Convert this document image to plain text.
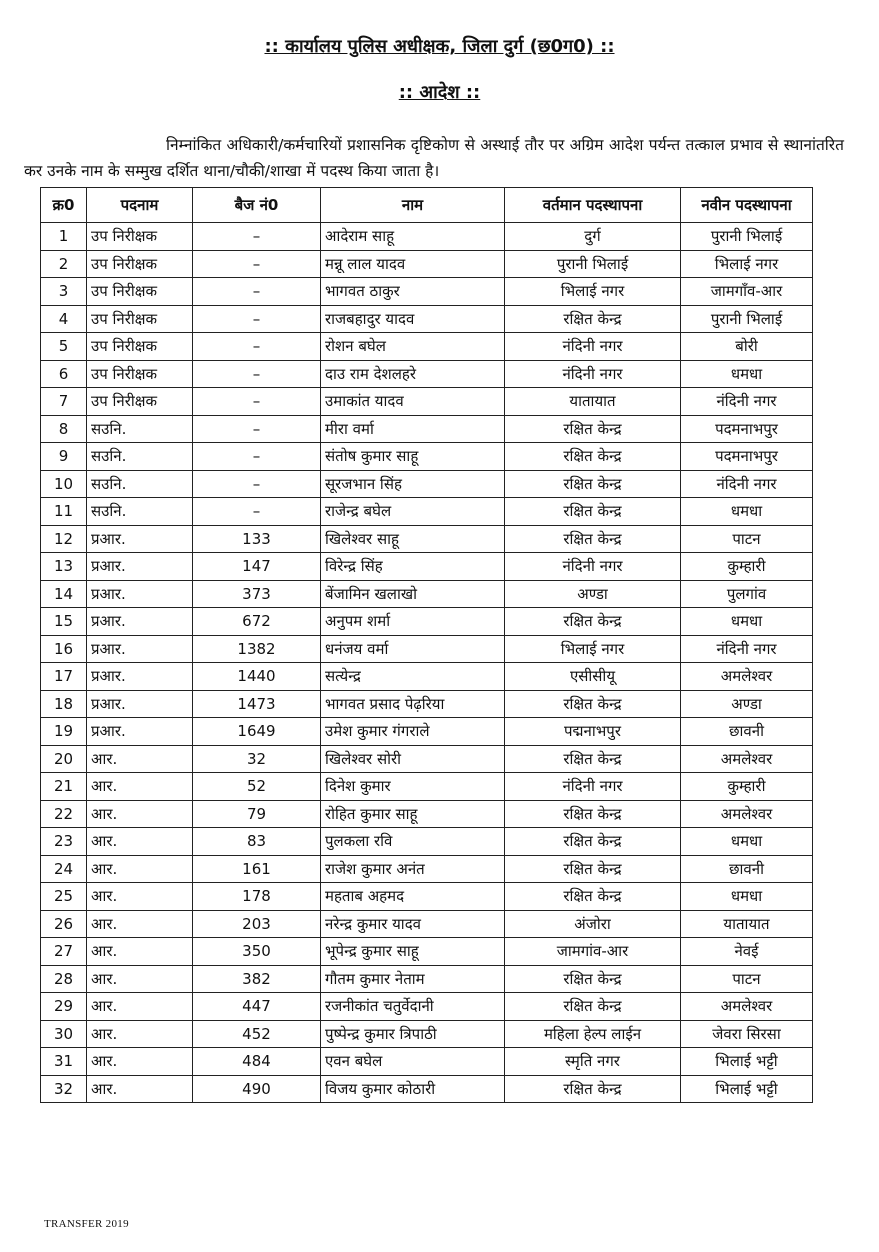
:: कार्यालय पुलिस अधीक्षक, जिला दुर्ग (छ0ग0) ::
:: आदेश ::
निम्नांकित अधिकारी/कर्मचारियों प्रशासनिक दृष्टिकोण से अस्थाई तौर पर अग्रिम आदेश पर्यन्त तत्काल प्रभाव से स्थानांतरित कर उनके नाम के सम्मुख दर्शित थाना/चौकी/शाखा में पदस्थ किया जाता है।
क्र0	पदनाम	बैज नं0	नाम	वर्तमान पदस्थापना	नवीन पदस्थापना
1	उप निरीक्षक	–	आदेराम साहू	दुर्ग	पुरानी भिलाई
2	उप निरीक्षक	–	मन्नू लाल यादव	पुरानी भिलाई	भिलाई नगर
3	उप निरीक्षक	–	भागवत ठाकुर	भिलाई नगर	जामगाँव-आर
4	उप निरीक्षक	–	राजबहादुर यादव	रक्षित केन्द्र	पुरानी भिलाई
5	उप निरीक्षक	–	रोशन बघेल	नंदिनी नगर	बोरी
6	उप निरीक्षक	–	दाउ राम देशलहरे	नंदिनी नगर	धमधा
7	उप निरीक्षक	–	उमाकांत यादव	यातायात	नंदिनी नगर
8	सउनि.	–	मीरा वर्मा	रक्षित केन्द्र	पदमनाभपुर
9	सउनि.	–	संतोष कुमार साहू	रक्षित केन्द्र	पदमनाभपुर
10	सउनि.	–	सूरजभान सिंह	रक्षित केन्द्र	नंदिनी नगर
11	सउनि.	–	राजेन्द्र बघेल	रक्षित केन्द्र	धमधा
12	प्रआर.	133	खिलेश्वर साहू	रक्षित केन्द्र	पाटन
13	प्रआर.	147	विरेन्द्र सिंह	नंदिनी नगर	कुम्हारी
14	प्रआर.	373	बेंजामिन खलाखो	अण्डा	पुलगांव
15	प्रआर.	672	अनुपम शर्मा	रक्षित केन्द्र	धमधा
16	प्रआर.	1382	धनंजय वर्मा	भिलाई नगर	नंदिनी नगर
17	प्रआर.	1440	सत्येन्द्र	एसीसीयू	अमलेश्वर
18	प्रआर.	1473	भागवत प्रसाद पेढ़रिया	रक्षित केन्द्र	अण्डा
19	प्रआर.	1649	उमेश कुमार गंगराले	पद्मनाभपुर	छावनी
20	आर.	32	खिलेश्वर सोरी	रक्षित केन्द्र	अमलेश्वर
21	आर.	52	दिनेश कुमार	नंदिनी नगर	कुम्हारी
22	आर.	79	रोहित कुमार साहू	रक्षित केन्द्र	अमलेश्वर
23	आर.	83	पुलकला रवि	रक्षित केन्द्र	धमधा
24	आर.	161	राजेश कुमार अनंत	रक्षित केन्द्र	छावनी
25	आर.	178	महताब अहमद	रक्षित केन्द्र	धमधा
26	आर.	203	नरेन्द्र कुमार यादव	अंजोरा	यातायात
27	आर.	350	भूपेन्द्र कुमार साहू	जामगांव-आर	नेवई
28	आर.	382	गौतम कुमार नेताम	रक्षित केन्द्र	पाटन
29	आर.	447	रजनीकांत चतुर्वेदानी	रक्षित केन्द्र	अमलेश्वर
30	आर.	452	पुष्पेन्द्र कुमार त्रिपाठी	महिला हेल्प लाईन	जेवरा सिरसा
31	आर.	484	एवन बघेल	स्मृति नगर	भिलाई भट्टी
32	आर.	490	विजय कुमार कोठारी	रक्षित केन्द्र	भिलाई भट्टी
TRANSFER 2019
